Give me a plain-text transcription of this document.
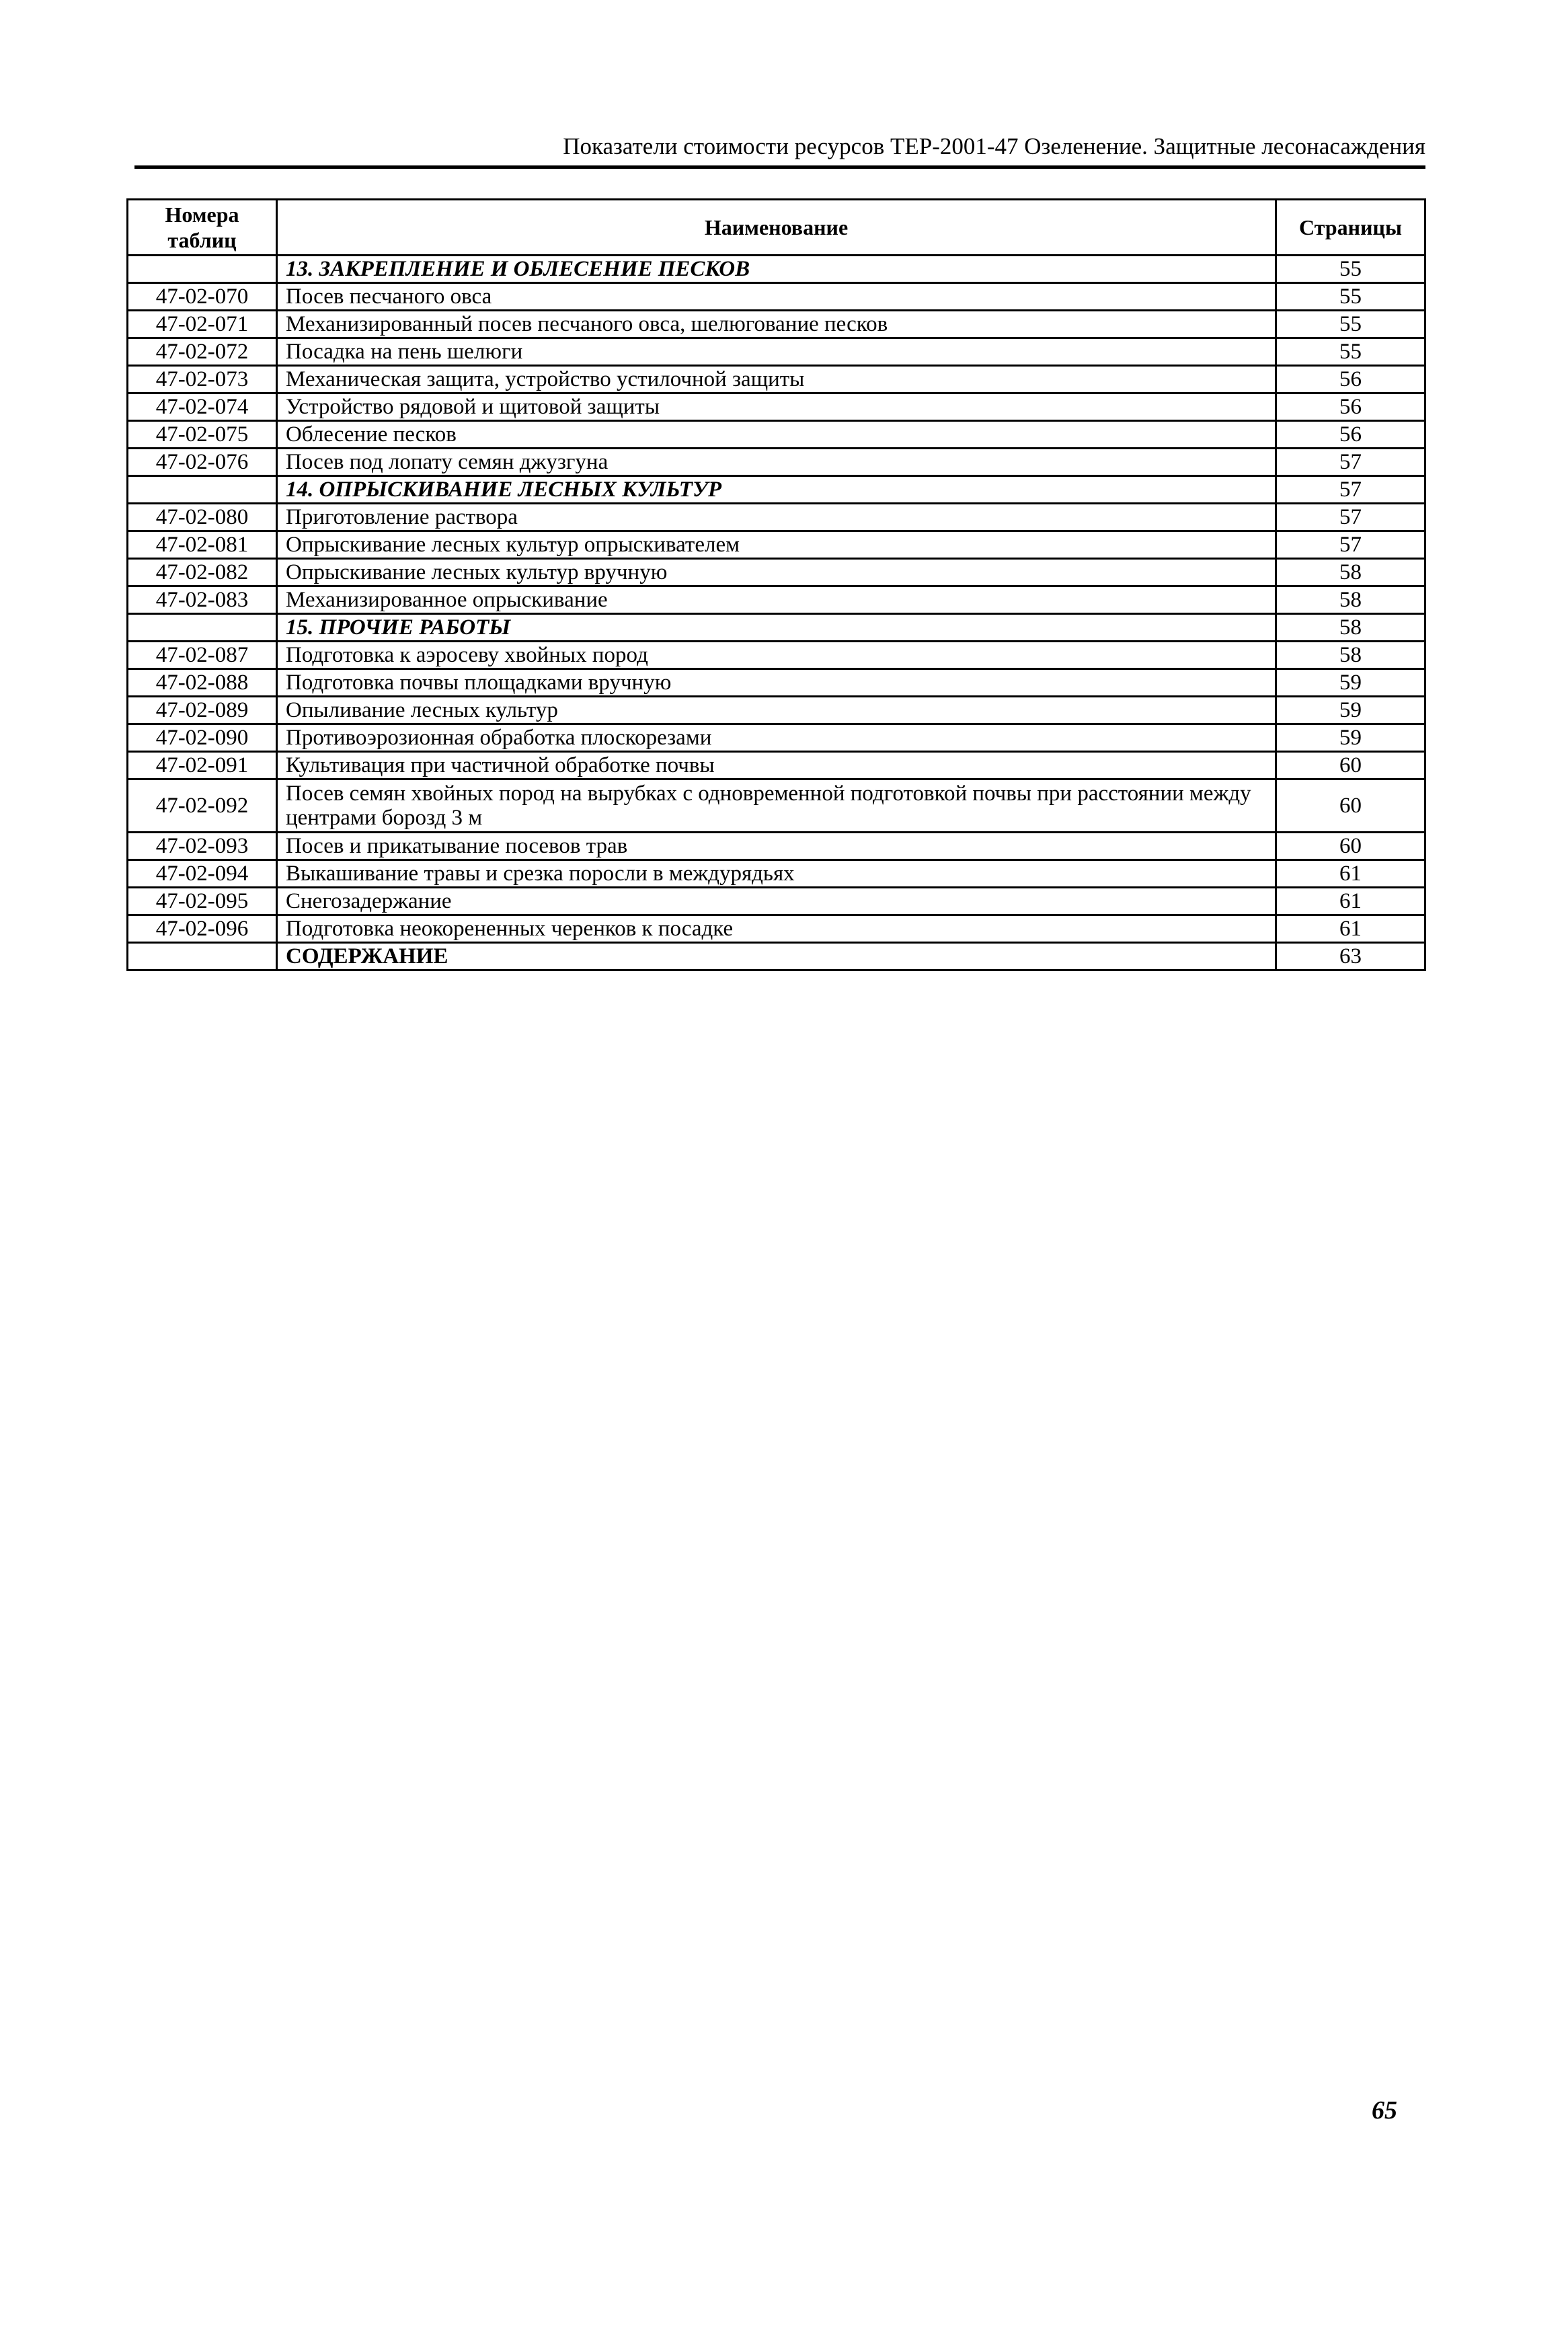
Показатели стоимости ресурсов ТЕР-2001-47 Озеленение. Защитные лесонасаждения
Номера таблиц	Наименование	Страницы
	13. ЗАКРЕПЛЕНИЕ И ОБЛЕСЕНИЕ ПЕСКОВ	55
47-02-070	Посев песчаного овса	55
47-02-071	Механизированный посев песчаного овса, шелюгование песков	55
47-02-072	Посадка на пень шелюги	55
47-02-073	Механическая защита, устройство устилочной защиты	56
47-02-074	Устройство рядовой и щитовой защиты	56
47-02-075	Облесение песков	56
47-02-076	Посев под лопату семян джузгуна	57
	14. ОПРЫСКИВАНИЕ ЛЕСНЫХ КУЛЬТУР	57
47-02-080	Приготовление раствора	57
47-02-081	Опрыскивание лесных культур опрыскивателем	57
47-02-082	Опрыскивание лесных культур вручную	58
47-02-083	Механизированное опрыскивание	58
	15. ПРОЧИЕ РАБОТЫ	58
47-02-087	Подготовка к аэросеву хвойных пород	58
47-02-088	Подготовка почвы площадками вручную	59
47-02-089	Опыливание лесных культур	59
47-02-090	Противоэрозионная обработка плоскорезами	59
47-02-091	Культивация при частичной обработке почвы	60
47-02-092	Посев семян хвойных пород на вырубках с одновременной подготовкой почвы при расстоянии между центрами борозд 3 м	60
47-02-093	Посев и прикатывание посевов трав	60
47-02-094	Выкашивание травы и срезка поросли в междурядьях	61
47-02-095	Снегозадержание	61
47-02-096	Подготовка неокорененных черенков к посадке	61
	СОДЕРЖАНИЕ	63
65
